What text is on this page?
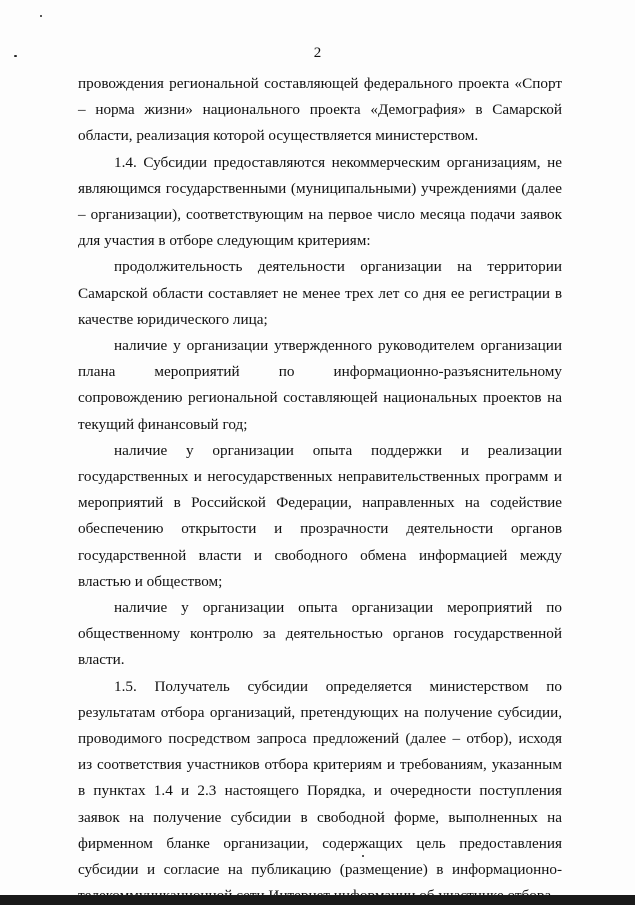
2

провождения региональной составляющей федерального проекта «Спорт – норма жизни» национального проекта «Демография» в Самарской области, реализация которой осуществляется министерством.

1.4. Субсидии предоставляются некоммерческим организациям, не являющимся государственными (муниципальными) учреждениями (далее – организации), соответствующим на первое число месяца подачи заявок для участия в отборе следующим критериям:

продолжительность деятельности организации на территории Самарской области составляет не менее трех лет со дня ее регистрации в качестве юридического лица;

наличие у организации утвержденного руководителем организации плана мероприятий по информационно-разъяснительному сопровождению региональной составляющей национальных проектов на текущий финансовый год;

наличие у организации опыта поддержки и реализации государственных и негосударственных неправительственных программ и мероприятий в Российской Федерации, направленных на содействие обеспечению открытости и прозрачности деятельности органов государственной власти и свободного обмена информацией между властью и обществом;

наличие у организации опыта организации мероприятий по общественному контролю за деятельностью органов государственной власти.

1.5. Получатель субсидии определяется министерством по результатам отбора организаций, претендующих на получение субсидии, проводимого посредством запроса предложений (далее – отбор), исходя из соответствия участников отбора критериям и требованиям, указанным в пунктах 1.4 и 2.3 настоящего Порядка, и очередности поступления заявок на получение субсидии в свободной форме, выполненных на фирменном бланке организации, содержащих цель предоставления субсидии и согласие на публикацию (размещение) в информационно-
